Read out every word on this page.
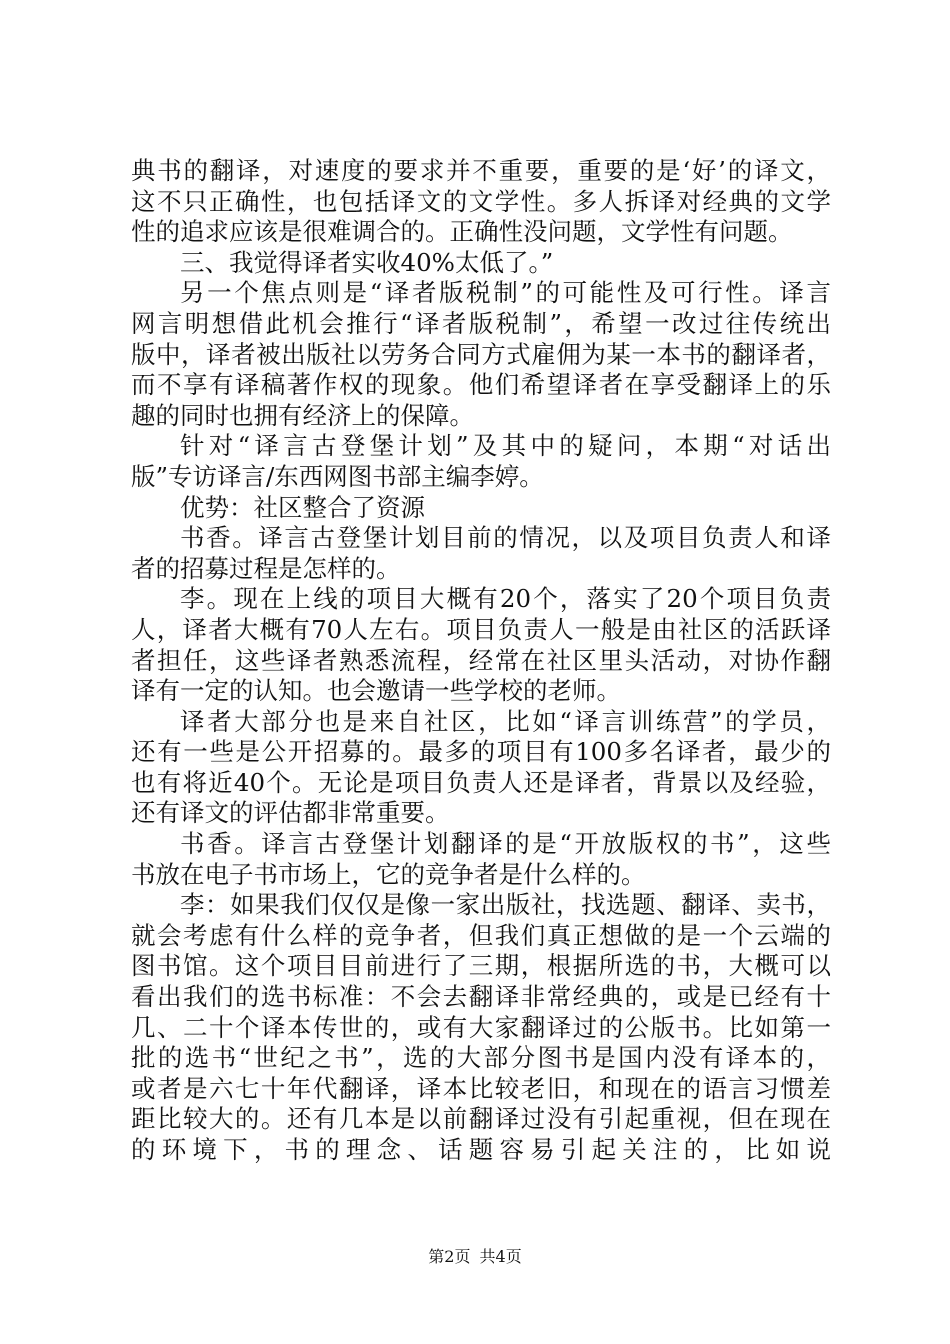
典书的翻译，对速度的要求并不重要，重要的是‘好’的译文，
这不只正确性，也包括译文的文学性。多人拆译对经典的文学
性的追求应该是很难调合的。正确性没问题，文学性有问题。
三、我觉得译者实收40%太低了。”
另一个焦点则是“译者版税制”的可能性及可行性。译言
网言明想借此机会推行“译者版税制”，希望一改过往传统出
版中，译者被出版社以劳务合同方式雇佣为某一本书的翻译者，
而不享有译稿著作权的现象。他们希望译者在享受翻译上的乐
趣的同时也拥有经济上的保障。
针对“译言古登堡计划”及其中的疑问，本期“对话出
版”专访译言/东西网图书部主编李婷。
优势：社区整合了资源
书香。译言古登堡计划目前的情况，以及项目负责人和译
者的招募过程是怎样的。
李。现在上线的项目大概有20个，落实了20个项目负责
人，译者大概有70人左右。项目负责人一般是由社区的活跃译
者担任，这些译者熟悉流程，经常在社区里头活动，对协作翻
译有一定的认知。也会邀请一些学校的老师。
译者大部分也是来自社区，比如“译言训练营”的学员，
还有一些是公开招募的。最多的项目有100多名译者，最少的
也有将近40个。无论是项目负责人还是译者，背景以及经验，
还有译文的评估都非常重要。
书香。译言古登堡计划翻译的是“开放版权的书”，这些
书放在电子书市场上，它的竞争者是什么样的。
李：如果我们仅仅是像一家出版社，找选题、翻译、卖书，
就会考虑有什么样的竞争者，但我们真正想做的是一个云端的
图书馆。这个项目目前进行了三期，根据所选的书，大概可以
看出我们的选书标准：不会去翻译非常经典的，或是已经有十
几、二十个译本传世的，或有大家翻译过的公版书。比如第一
批的选书“世纪之书”，选的大部分图书是国内没有译本的，
或者是六七十年代翻译，译本比较老旧，和现在的语言习惯差
距比较大的。还有几本是以前翻译过没有引起重视，但在现在
的环境下，书的理念、话题容易引起关注的，比如说
第2页 共4页
